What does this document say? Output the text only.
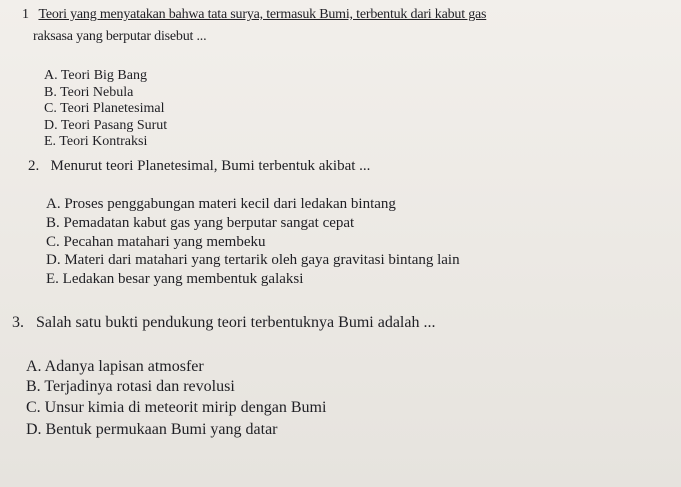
1 Teori yang menyatakan bahwa tata surya, termasuk Bumi, terbentuk dari kabut gas
raksasa yang berputar disebut ...
A. Teori Big Bang
B. Teori Nebula
C. Teori Planetesimal
D. Teori Pasang Surut
E. Teori Kontraksi
2. Menurut teori Planetesimal, Bumi terbentuk akibat ...
A. Proses penggabungan materi kecil dari ledakan bintang
B. Pemadatan kabut gas yang berputar sangat cepat
C. Pecahan matahari yang membeku
D. Materi dari matahari yang tertarik oleh gaya gravitasi bintang lain
E. Ledakan besar yang membentuk galaksi
3. Salah satu bukti pendukung teori terbentuknya Bumi adalah ...
A. Adanya lapisan atmosfer
B. Terjadinya rotasi dan revolusi
C. Unsur kimia di meteorit mirip dengan Bumi
D. Bentuk permukaan Bumi yang datar
